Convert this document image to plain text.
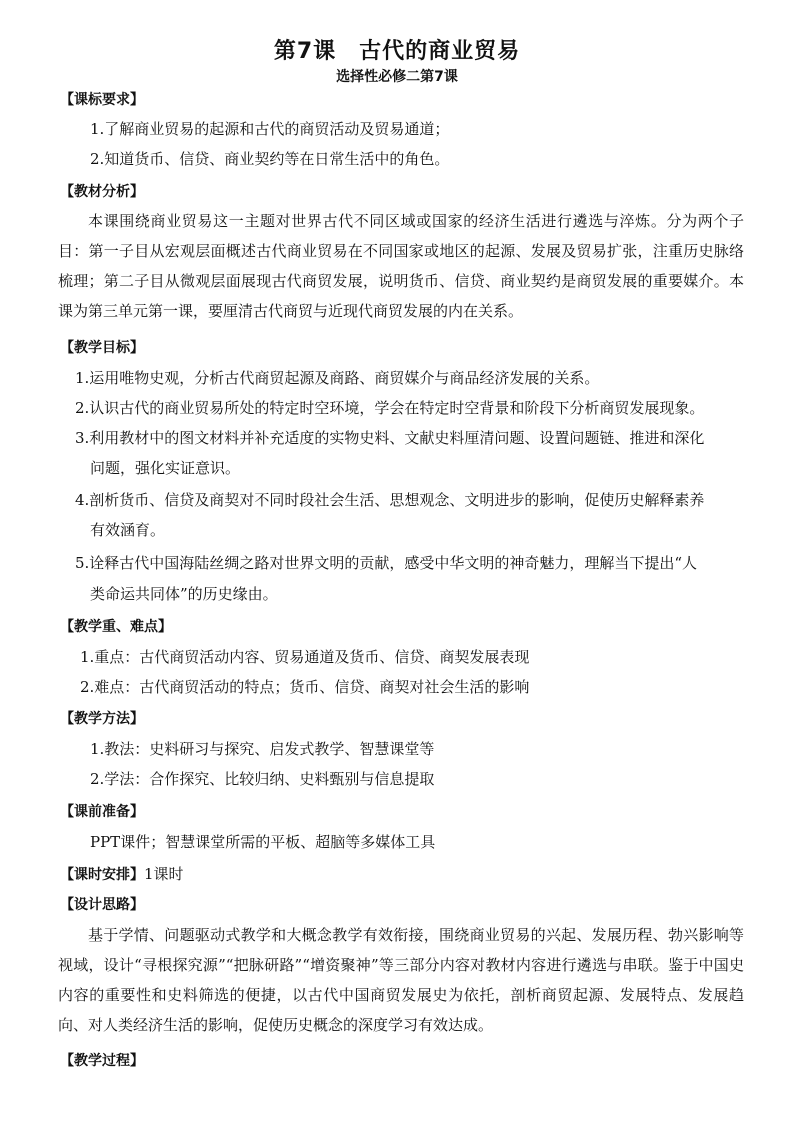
第7课　古代的商业贸易
选择性必修二第7课
【课标要求】
1.了解商业贸易的起源和古代的商贸活动及贸易通道；
2.知道货币、信贷、商业契约等在日常生活中的角色。
【教材分析】
本课围绕商业贸易这一主题对世界古代不同区域或国家的经济生活进行遴选与淬炼。分为两个子目：第一子目从宏观层面概述古代商业贸易在不同国家或地区的起源、发展及贸易扩张，注重历史脉络梳理；第二子目从微观层面展现古代商贸发展，说明货币、信贷、商业契约是商贸发展的重要媒介。本课为第三单元第一课，要厘清古代商贸与近现代商贸发展的内在关系。
【教学目标】
1.运用唯物史观，分析古代商贸起源及商路、商贸媒介与商品经济发展的关系。
2.认识古代的商业贸易所处的特定时空环境，学会在特定时空背景和阶段下分析商贸发展现象。
3.利用教材中的图文材料并补充适度的实物史料、文献史料厘清问题、设置问题链、推进和深化
问题，强化实证意识。
4.剖析货币、信贷及商契对不同时段社会生活、思想观念、文明进步的影响，促使历史解释素养
有效涵育。
5.诠释古代中国海陆丝绸之路对世界文明的贡献，感受中华文明的神奇魅力，理解当下提出“人
类命运共同体”的历史缘由。
【教学重、难点】
1.重点：古代商贸活动内容、贸易通道及货币、信贷、商契发展表现
2.难点：古代商贸活动的特点；货币、信贷、商契对社会生活的影响
【教学方法】
1.教法：史料研习与探究、启发式教学、智慧课堂等
2.学法：合作探究、比较归纳、史料甄别与信息提取
【课前准备】
PPT课件；智慧课堂所需的平板、超脑等多媒体工具
【课时安排】1课时
【设计思路】
基于学情、问题驱动式教学和大概念教学有效衔接，围绕商业贸易的兴起、发展历程、勃兴影响等视域，设计“寻根探究源”“把脉研路”“增资聚神”等三部分内容对教材内容进行遴选与串联。鉴于中国史内容的重要性和史料筛选的便捷，以古代中国商贸发展史为依托，剖析商贸起源、发展特点、发展趋向、对人类经济生活的影响，促使历史概念的深度学习有效达成。
【教学过程】
